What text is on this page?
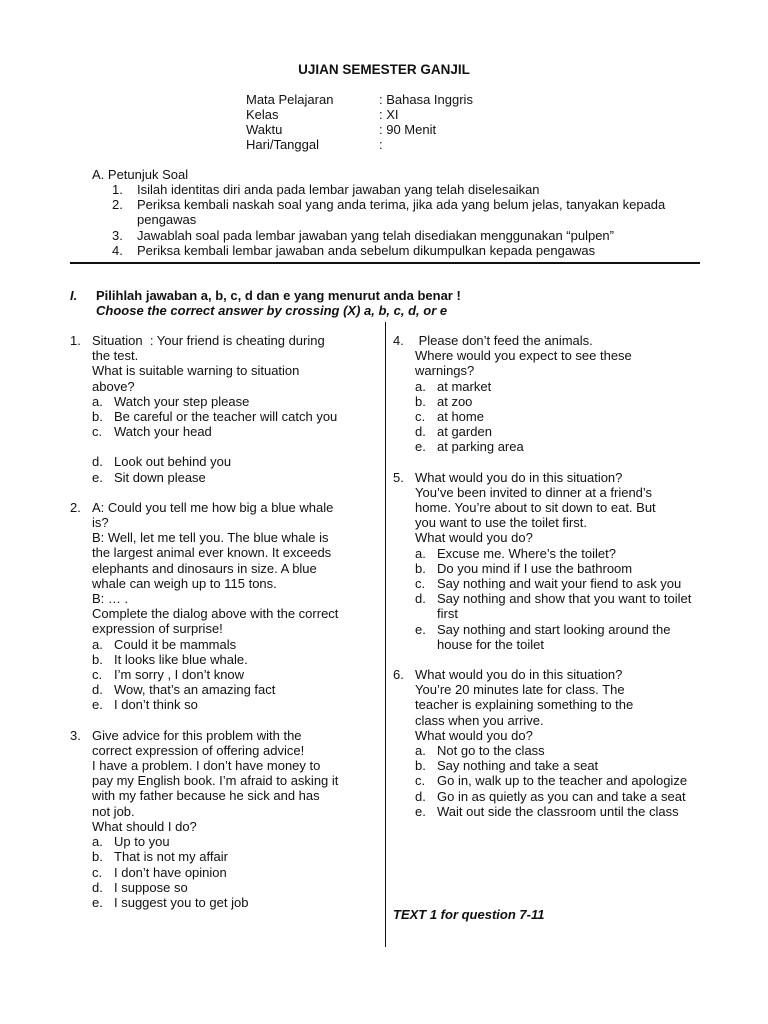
UJIAN SEMESTER GANJIL
Mata Pelajaran	: Bahasa Inggris
Kelas	: XI
Waktu	: 90 Menit
Hari/Tanggal	:
A. Petunjuk Soal
1. Isilah identitas diri anda pada lembar jawaban yang telah diselesaikan
2. Periksa kembali naskah soal yang anda terima, jika ada yang belum jelas, tanyakan kepada pengawas
3. Jawablah soal pada lembar jawaban yang telah disediakan menggunakan “pulpen”
4. Periksa kembali lembar jawaban anda sebelum dikumpulkan kepada pengawas
I. Pilihlah jawaban a, b, c, d dan e yang menurut anda benar !
Choose the correct answer by crossing (X) a, b, c, d, or e
1. Situation  : Your friend is cheating during
the test.
What is suitable warning to situation
above?
a. Watch your step please
b. Be careful or the teacher will catch you
c. Watch your head
d. Look out behind you
e. Sit down please
2. A: Could you tell me how big a blue whale
is?
B: Well, let me tell you. The blue whale is
the largest animal ever known. It exceeds
elephants and dinosaurs in size. A blue
whale can weigh up to 115 tons.
B: … .
Complete the dialog above with the correct
expression of surprise!
a. Could it be mammals
b. It looks like blue whale.
c. I’m sorry , I don’t know
d. Wow, that’s an amazing fact
e. I don’t think so
3. Give advice for this problem with the
correct expression of offering advice!
I have a problem. I don’t have money to
pay my English book. I’m afraid to asking it
with my father because he sick and has
not job.
What should I do?
a. Up to you
b. That is not my affair
c. I don’t have opinion
d. I suppose so
e. I suggest you to get job
4. Please don’t feed the animals.
Where would you expect to see these
warnings?
a. at market
b. at zoo
c. at home
d. at garden
e. at parking area
5. What would you do in this situation?
You’ve been invited to dinner at a friend’s
home. You’re about to sit down to eat. But
you want to use the toilet first.
What would you do?
a. Excuse me. Where’s the toilet?
b. Do you mind if I use the bathroom
c. Say nothing and wait your fiend to ask you
d. Say nothing and show that you want to toilet first
e. Say nothing and start looking around the house for the toilet
6. What would you do in this situation?
You’re 20 minutes late for class. The
teacher is explaining something to the
class when you arrive.
What would you do?
a. Not go to the class
b. Say nothing and take a seat
c. Go in, walk up to the teacher and apologize
d. Go in as quietly as you can and take a seat
e. Wait out side the classroom until the class
TEXT 1 for question 7-11
